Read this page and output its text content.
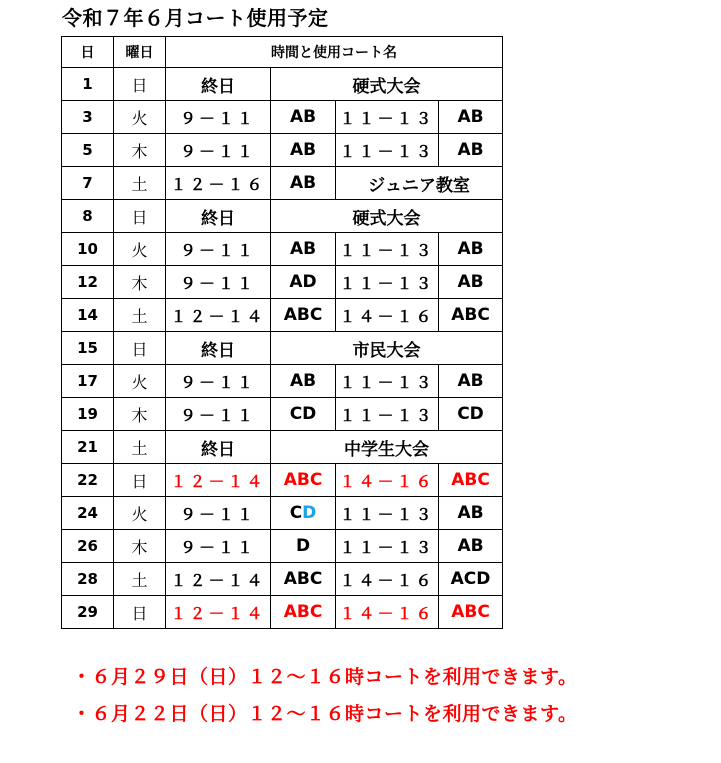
令和７年６月コート使用予定
日	曜日	時間と使用コート名			
1	日	終日	硬式大会		
3	火	９－１１	AB	１１－１３	AB
5	木	９－１１	AB	１１－１３	AB
7	土	１２－１６	AB	ジュニア教室	
8	日	終日	硬式大会		
10	火	９－１１	AB	１１－１３	AB
12	木	９－１１	AD	１１－１３	AB
14	土	１２－１４	ABC	１４－１６	ABC
15	日	終日	市民大会		
17	火	９－１１	AB	１１－１３	AB
19	木	９－１１	CD	１１－１３	CD
21	土	終日	中学生大会		
22	日	１２－１４	ABC	１４－１６	ABC
24	火	９－１１	CD	１１－１３	AB
26	木	９－１１	D	１１－１３	AB
28	土	１２－１４	ABC	１４－１６	ACD
29	日	１２－１４	ABC	１４－１６	ABC
・６月２９日（日）１２～１６時コートを利用できます。
・６月２２日（日）１２～１６時コートを利用できます。
